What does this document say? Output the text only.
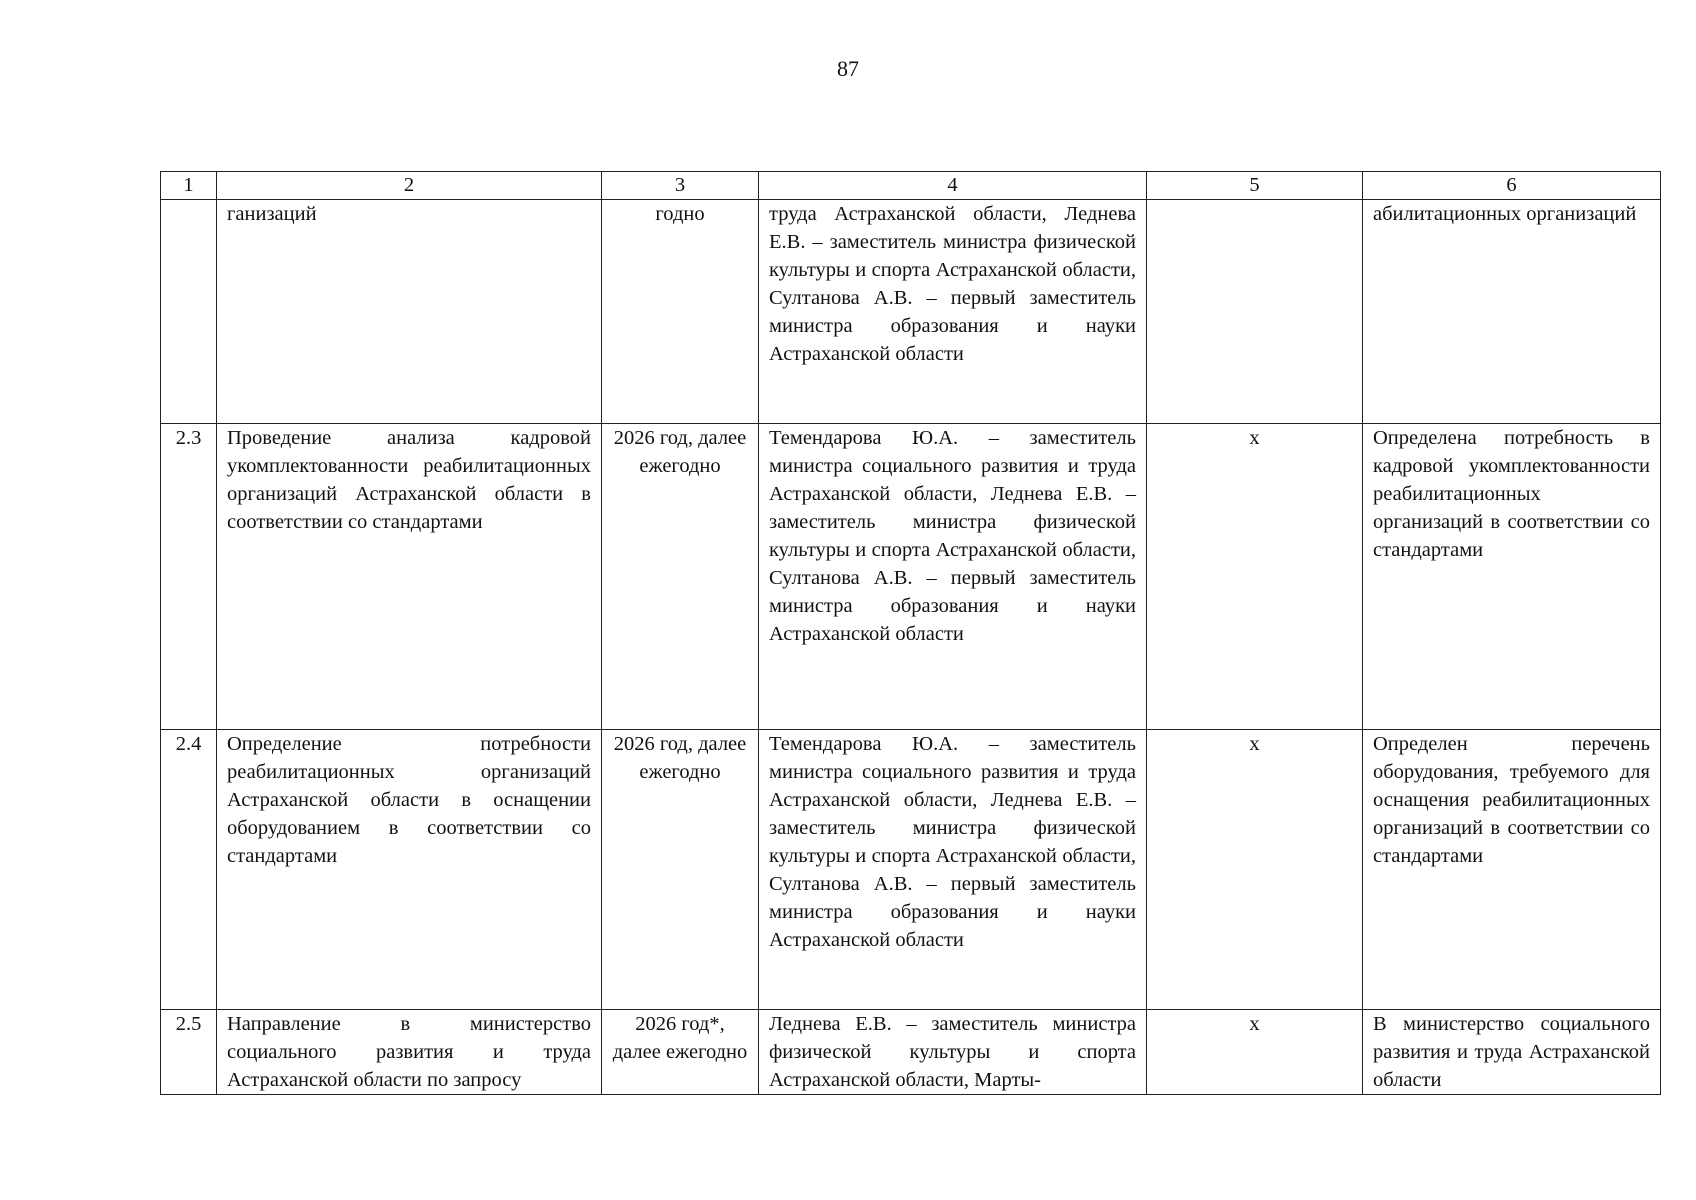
87
1	2	3	4	5	6
	ганизаций	годно	труда Астраханской области, Леднева Е.В. – заместитель министра физической культуры и спорта Астраханской области, Султанова А.В. – первый заместитель министра образования и науки Астраханской области		абилитационных организаций
2.3	Проведение анализа кадровой укомплектованности реабилитационных организаций Астраханской области в соответствии со стандартами	2026 год, далее ежегодно	Темендарова Ю.А. – заместитель министра социального развития и труда Астраханской области, Леднева Е.В. – заместитель министра физической культуры и спорта Астраханской области, Султанова А.В. – первый заместитель министра образования и науки Астраханской области	х	Определена потребность в кадровой укомплектованности реабилитационных организаций в соответствии со стандартами
2.4	Определение потребности реабилитационных организаций Астраханской области в оснащении оборудованием в соответствии со стандартами	2026 год, далее ежегодно	Темендарова Ю.А. – заместитель министра социального развития и труда Астраханской области, Леднева Е.В. – заместитель министра физической культуры и спорта Астраханской области, Султанова А.В. – первый заместитель министра образования и науки Астраханской области	х	Определен перечень оборудования, требуемого для оснащения реабилитационных организаций в соответствии со стандартами
2.5	Направление в министерство социального развития и труда Астраханской области по запросу	2026 год*, далее ежегодно	Леднева Е.В. – заместитель министра физической культуры и спорта Астраханской области, Марты-	х	В министерство социального развития и труда Астраханской области
